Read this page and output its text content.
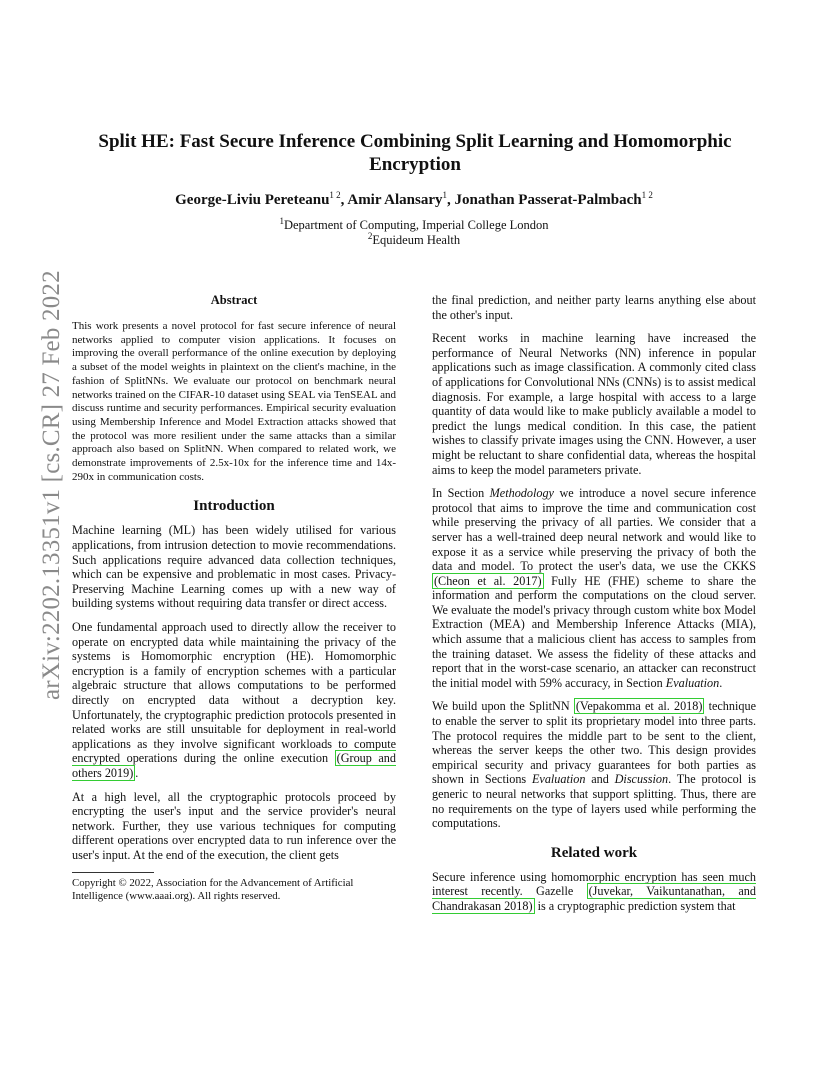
arXiv:2202.13351v1 [cs.CR] 27 Feb 2022
Split HE: Fast Secure Inference Combining Split Learning and Homomorphic Encryption
George-Liviu Pereteanu$^{1 2}$, Amir Alansary$^1$, Jonathan Passerat-Palmbach$^{1 2}$
$^1$Department of Computing, Imperial College London
$^2$Equideum Health
Abstract

This work presents a novel protocol for fast secure inference of neural networks applied to computer vision applications. It focuses on improving the overall performance of the online execution by deploying a subset of the model weights in plaintext on the client's machine, in the fashion of SplitNNs. We evaluate our protocol on benchmark neural networks trained on the CIFAR-10 dataset using SEAL via TenSEAL and discuss runtime and security performances. Empirical security evaluation using Membership Inference and Model Extraction attacks showed that the protocol was more resilient under the same attacks than a similar approach also based on SplitNN. When compared to related work, we demonstrate improvements of 2.5x-10x for the inference time and 14x-290x in communication costs.

Introduction

Machine learning (ML) has been widely utilised for various applications, from intrusion detection to movie recommendations. Such applications require advanced data collection techniques, which can be expensive and problematic in most cases. Privacy-Preserving Machine Learning comes up with a new way of building systems without requiring data transfer or direct access.

One fundamental approach used to directly allow the receiver to operate on encrypted data while maintaining the privacy of the systems is Homomorphic encryption (HE). Homomorphic encryption is a family of encryption schemes with a particular algebraic structure that allows computations to be performed directly on encrypted data without a decryption key. Unfortunately, the cryptographic prediction protocols presented in related works are still unsuitable for deployment in real-world applications as they involve significant workloads to compute encrypted operations during the online execution (Group and others 2019) .

At a high level, all the cryptographic protocols proceed by encrypting the user's input and the service provider's neural network. Further, they use various techniques for computing different operations over encrypted data to run inference over the user's input. At the end of the execution, the client gets

Copyright © 2022, Association for the Advancement of Artificial Intelligence (www.aaai.org). All rights reserved.

the final prediction, and neither party learns anything else about the other's input.

Recent works in machine learning have increased the performance of Neural Networks (NN) inference in popular applications such as image classification. A commonly cited class of applications for Convolutional NNs (CNNs) is to assist medical diagnosis. For example, a large hospital with access to a large quantity of data would like to make publicly available a model to predict the lungs medical condition. In this case, the patient wishes to classify private images using the CNN. However, a user might be reluctant to share confidential data, whereas the hospital aims to keep the model parameters private.

In Section Methodology we introduce a novel secure inference protocol that aims to improve the time and communication cost while preserving the privacy of all parties. We consider that a server has a well-trained deep neural network and would like to expose it as a service while preserving the privacy of both the data and model. To protect the user's data, we use the CKKS (Cheon et al. 2017) Fully HE (FHE) scheme to share the information and perform the computations on the cloud server. We evaluate the model's privacy through custom white box Model Extraction (MEA) and Membership Inference Attacks (MIA), which assume that a malicious client has access to samples from the training dataset. We assess the fidelity of these attacks and report that in the worst-case scenario, an attacker can reconstruct the initial model with 59% accuracy, in Section Evaluation.

We build upon the SplitNN (Vepakomma et al. 2018) technique to enable the server to split its proprietary model into three parts. The protocol requires the middle part to be sent to the client, whereas the server keeps the other two. This design provides empirical security and privacy guarantees for both parties as shown in Sections Evaluation and Discussion. The protocol is generic to neural networks that support splitting. Thus, there are no requirements on the type of layers used while performing the computations.

Related work

Secure inference using homomorphic encryption has seen much interest recently. Gazelle (Juvekar, Vaikuntanathan, and Chandrakasan 2018) is a cryptographic prediction system that
